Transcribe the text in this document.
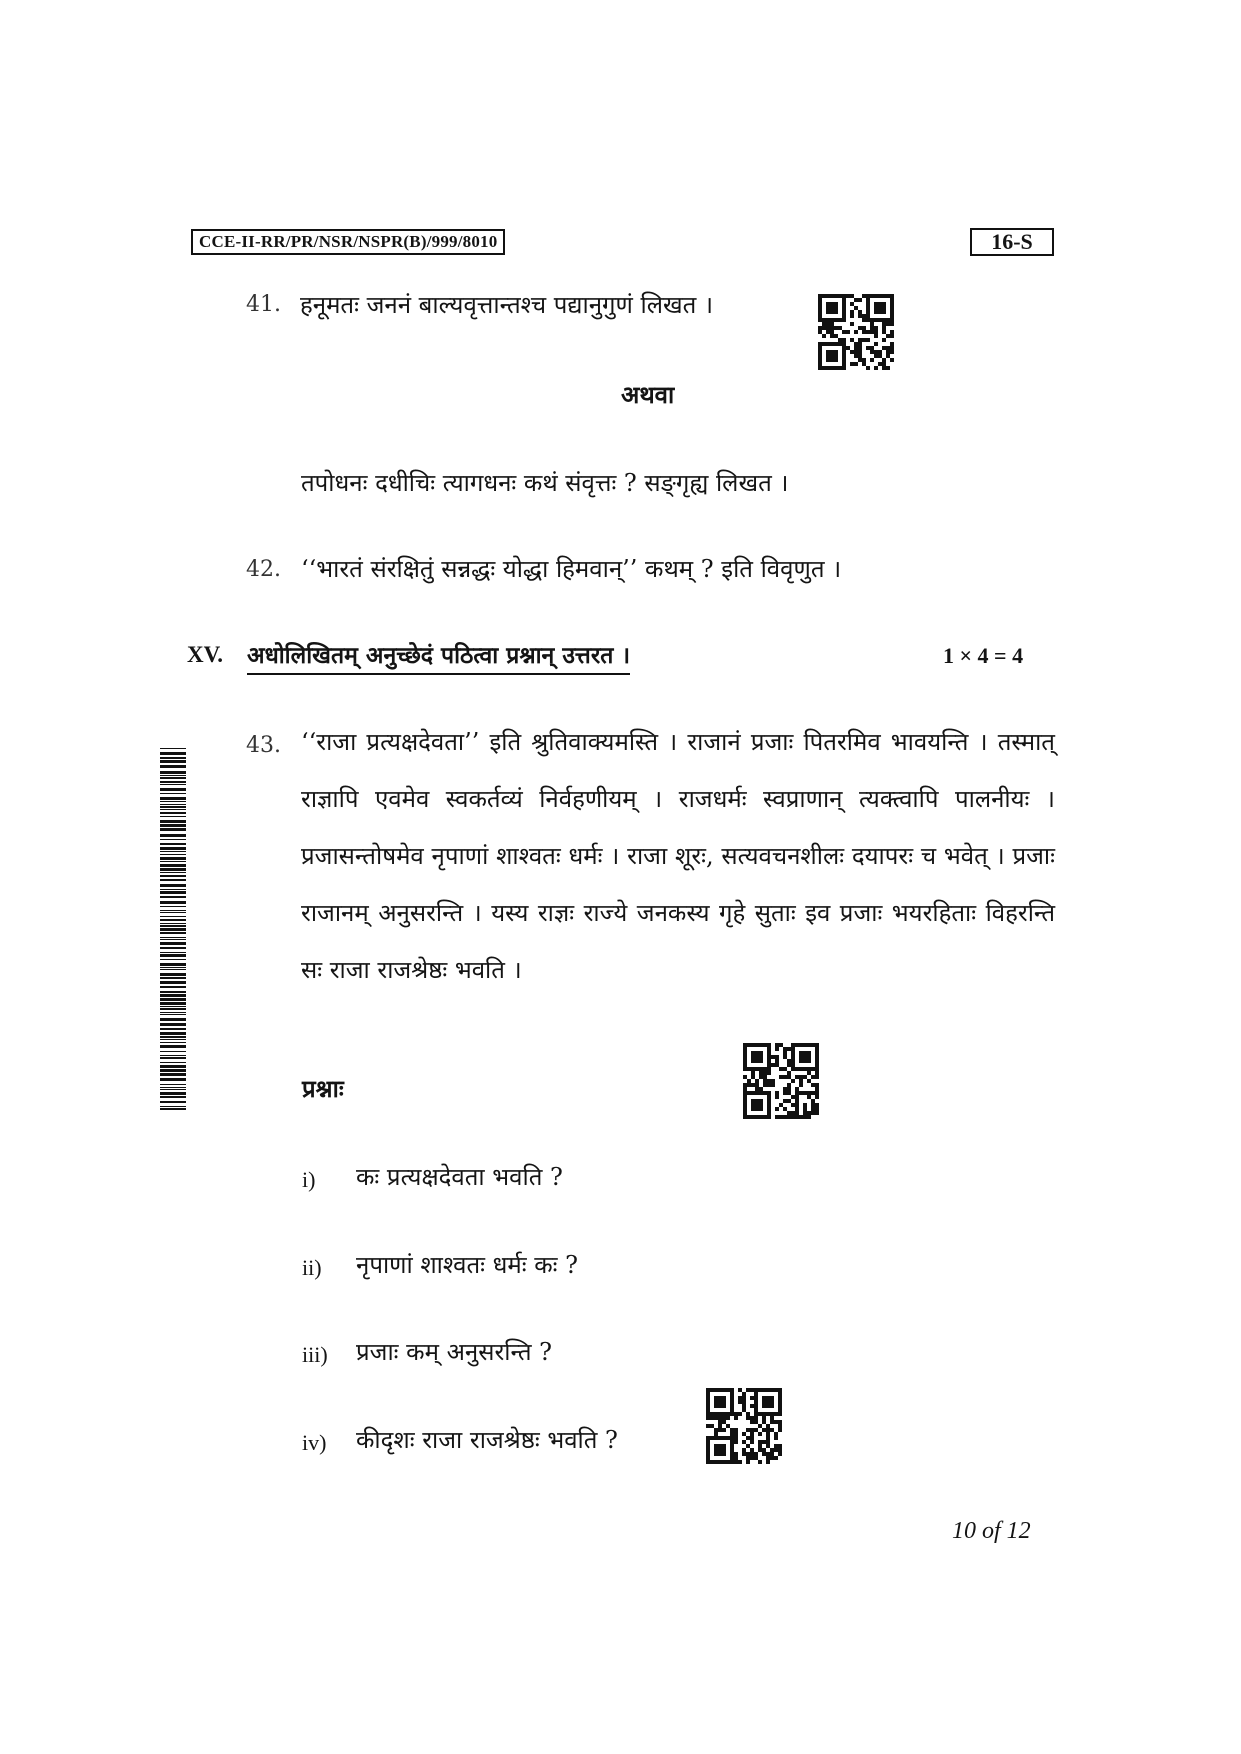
CCE-II-RR/PR/NSR/NSPR(B)/999/8010	16-S
41. हनूमतः जननं बाल्यवृत्तान्तश्च पद्यानुगुणं लिखत ।
अथवा
तपोधनः दधीचिः त्यागधनः कथं संवृत्तः ? सङ्गृह्य लिखत ।
42. ‘‘भारतं संरक्षितुं सन्नद्धः योद्धा हिमवान्’’ कथम् ? इति विवृणुत ।
XV. अधोलिखितम् अनुच्छेदं पठित्वा प्रश्नान् उत्तरत ।	1 × 4 = 4
43. ‘‘राजा प्रत्यक्षदेवता’’ इति श्रुतिवाक्यमस्ति । राजानं प्रजाः पितरमिव भावयन्ति । तस्मात् राज्ञापि एवमेव स्वकर्तव्यं निर्वहणीयम् । राजधर्मः स्वप्राणान् त्यक्त्वापि पालनीयः । प्रजासन्तोषमेव नृपाणां शाश्वतः धर्मः । राजा शूरः, सत्यवचनशीलः दयापरः च भवेत् । प्रजाः राजानम् अनुसरन्ति । यस्य राज्ञः राज्ये जनकस्य गृहे सुताः इव प्रजाः भयरहिताः विहरन्ति सः राजा राजश्रेष्ठः भवति ।
प्रश्नाः
i) कः प्रत्यक्षदेवता भवति ?
ii) नृपाणां शाश्वतः धर्मः कः ?
iii) प्रजाः कम् अनुसरन्ति ?
iv) कीदृशः राजा राजश्रेष्ठः भवति ?
10 of 12
